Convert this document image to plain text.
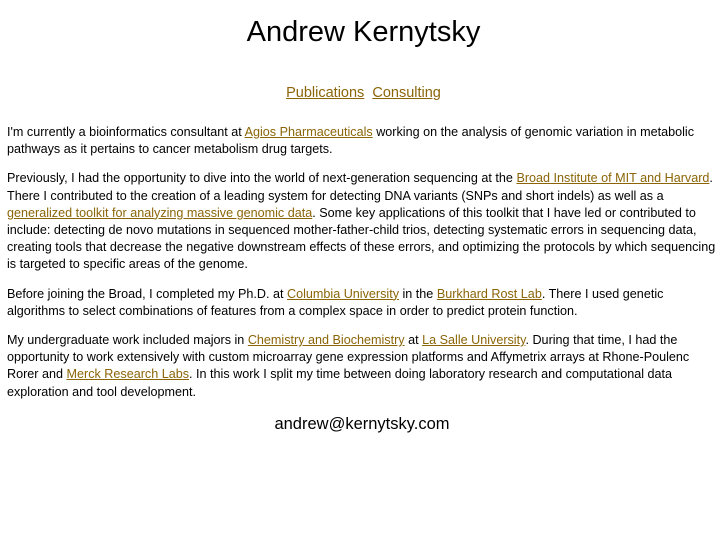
Andrew Kernytsky
Publications Consulting

I'm currently a bioinformatics consultant at Agios Pharmaceuticals working on the analysis of genomic variation in metabolic pathways as it pertains to cancer metabolism drug targets.

Previously, I had the opportunity to dive into the world of next-generation sequencing at the Broad Institute of MIT and Harvard. There I contributed to the creation of a leading system for detecting DNA variants (SNPs and short indels) as well as a generalized toolkit for analyzing massive genomic data. Some key applications of this toolkit that I have led or contributed to include: detecting de novo mutations in sequenced mother-father-child trios, detecting systematic errors in sequencing data, creating tools that decrease the negative downstream effects of these errors, and optimizing the protocols by which sequencing is targeted to specific areas of the genome.

Before joining the Broad, I completed my Ph.D. at Columbia University in the Burkhard Rost Lab. There I used genetic algorithms to select combinations of features from a complex space in order to predict protein function.

My undergraduate work included majors in Chemistry and Biochemistry at La Salle University. During that time, I had the opportunity to work extensively with custom microarray gene expression platforms and Affymetrix arrays at Rhone-Poulenc Rorer and Merck Research Labs. In this work I split my time between doing laboratory research and computational data exploration and tool development.

andrew@kernytsky.com
